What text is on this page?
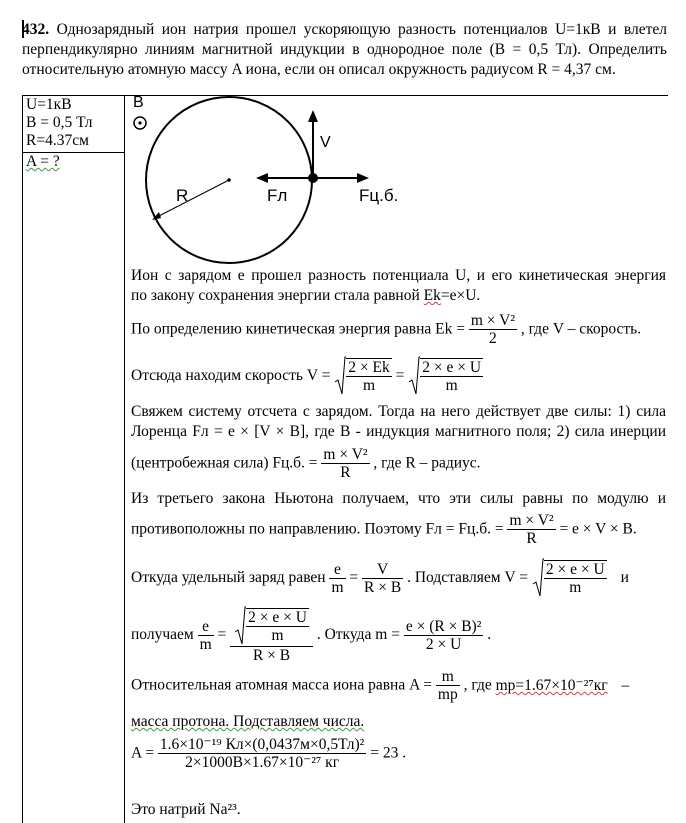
432. Однозарядный ион натрия прошел ускоряющую разность потенциалов U=1кВ и влетел перпендикулярно линиям магнитной индукции в однородное поле (B = 0,5 Тл). Определить относительную атомную массу A иона, если он описал окружность радиусом R = 4,37 см.
U=1кВ
B = 0,5 Тл
R=4.37см
A = ?
B
V
R	Fл	Fц.б.
Ион с зарядом e прошел разность потенциала U, и его кинетическая энергия
по закону сохранения энергии стала равной Ek=e×U.
По определению кинетическая энергия равна $Ek = \frac{\text{m × V²}}{2}$ , где V – скорость.
Отсюда находим скорость $V = \frac{2 \times Ek}{m} = \frac{2 \times e \times U}{m}$
Свяжем систему отсчета с зарядом. Тогда на него действует две силы: 1) сила
Лоренца Fл = e × [V × B], где B - индукция магнитного поля; 2) сила инерции
(центробежная сила) Fц.б. = $\frac{\text{m × V²}}{R}$ , где R – радиус.
Из третьего закона Ньютона получаем, что эти силы равны по модулю и
противоположны по направлению. Поэтому Fл = Fц.б. = $\frac{\text{m × V²}}{R} = e \times V \times B$.
Откуда удельный заряд равен $\frac{e}{m} = \frac{V}{R \times B}$ . Подставляем $V = \frac{2 \times e \times U}{m}$ и
получаем $\frac{e}{m} = \frac{\frac{2 \times e \times U}{m}}{R \times B}$ . Откуда $m = \frac{\text{e × (R × B)²}}{2 \times U}$ .
Относительная атомная масса иона равна $A = \frac{m}{mp}$ , где mp=1.67×10⁻²⁷кг –
масса протона. Подставляем числа.
$A = \frac{\text{1.6×10⁻¹⁹ Кл×(0,0437м×0,5Тл)²}}{\text{2×1000В×1.67×10⁻²⁷ кг}} = 23$ .
Это натрий Na²³.
